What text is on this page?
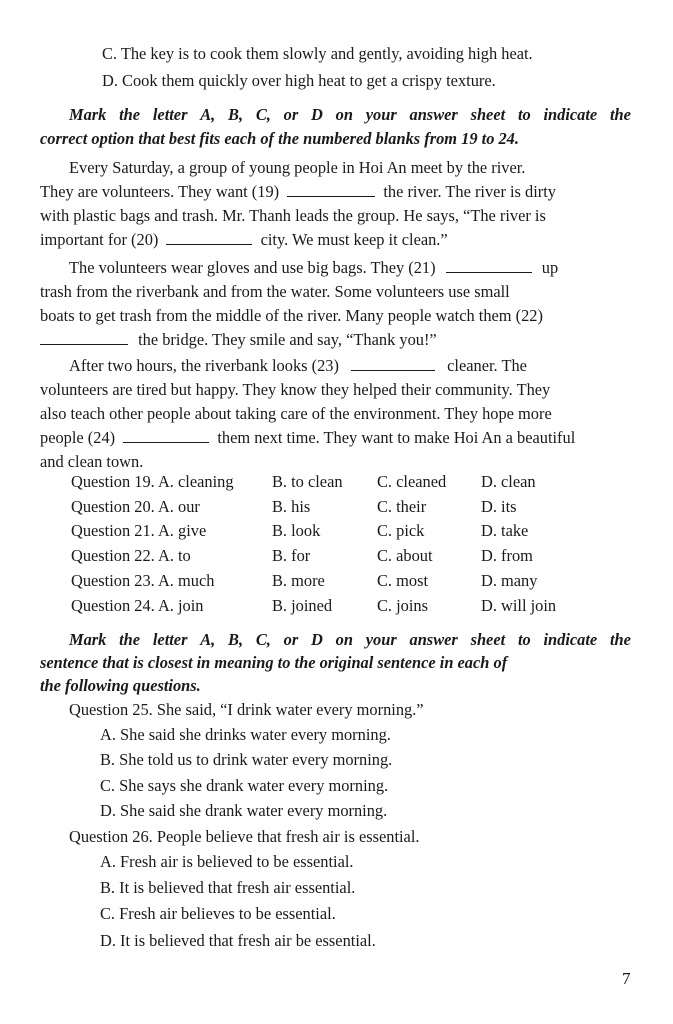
C. The key is to cook them slowly and gently, avoiding high heat.
D. Cook them quickly over high heat to get a crispy texture.
Mark the letter A, B, C, or D on your answer sheet to indicate the
correct option that best fits each of the numbered blanks from 19 to 24.
Every Saturday, a group of young people in Hoi An meet by the river.
They are volunteers. They want (19)	the river. The river is dirty
with plastic bags and trash. Mr. Thanh leads the group. He says, “The river is
important for (20)	city. We must keep it clean.”
The volunteers wear gloves and use big bags. They (21)	up
trash from the riverbank and from the water. Some volunteers use small
boats to get trash from the middle of the river. Many people watch them (22)
the bridge. They smile and say, “Thank you!”
After two hours, the riverbank looks (23)	cleaner. The
volunteers are tired but happy. They know they helped their community. They
also teach other people about taking care of the environment. They hope more
people (24)	them next time. They want to make Hoi An a beautiful
and clean town.
Question 19. A. cleaning B. to clean C. cleaned D. clean
Question 20. A. our	B. his	C. their	D. its
Question 21. A. give	B. look	C. pick	D. take
Question 22. A. to	B. for	C. about	D. from
Question 23. A. much	B. more	C. most	D. many
Question 24. A. join	B. joined	C. joins	D. will join
Mark the letter A, B, C, or D on your answer sheet to indicate the
sentence that is closest in meaning to the original sentence in each of
the following questions.
Question 25. She said, “I drink water every morning.”
A. She said she drinks water every morning.
B. She told us to drink water every morning.
C. She says she drank water every morning.
D. She said she drank water every morning.
Question 26. People believe that fresh air is essential.
A. Fresh air is believed to be essential.
B. It is believed that fresh air essential.
C. Fresh air believes to be essential.
D. It is believed that fresh air be essential.
7
